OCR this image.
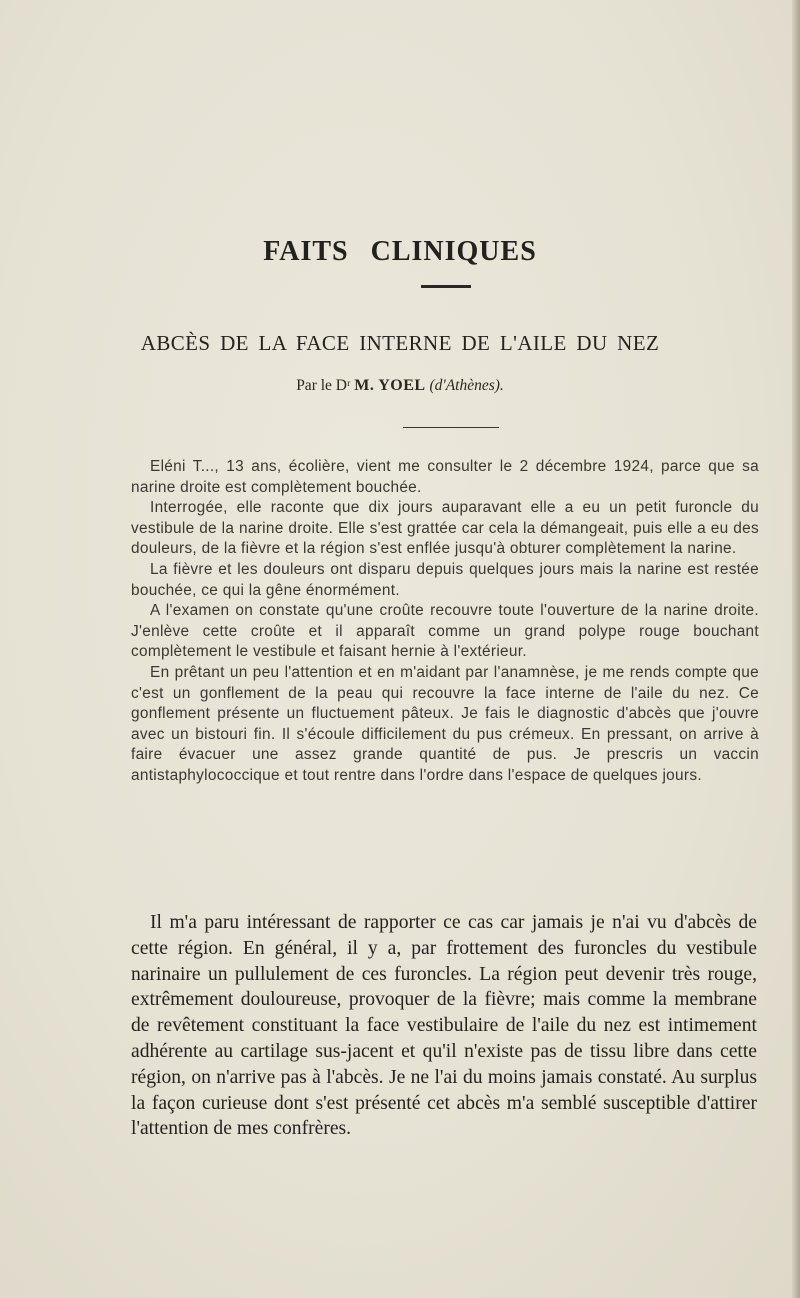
FAITS CLINIQUES
ABCÈS DE LA FACE INTERNE DE L'AILE DU NEZ
Par le Dʳ M. YOEL (d'Athènes).

Eléni T..., 13 ans, écolière, vient me consulter le 2 décembre 1924, parce que sa narine droite est complètement bouchée.

Interrogée, elle raconte que dix jours auparavant elle a eu un petit furoncle du vestibule de la narine droite. Elle s'est grattée car cela la démangeait, puis elle a eu des douleurs, de la fièvre et la région s'est enflée jusqu'à obturer complètement la narine.

La fièvre et les douleurs ont disparu depuis quelques jours mais la narine est restée bouchée, ce qui la gêne énormément.

A l'examen on constate qu'une croûte recouvre toute l'ouverture de la narine droite. J'enlève cette croûte et il apparaît comme un grand polype rouge bouchant complètement le vestibule et faisant hernie à l'extérieur.

En prêtant un peu l'attention et en m'aidant par l'anamnèse, je me rends compte que c'est un gonflement de la peau qui recouvre la face interne de l'aile du nez. Ce gonflement présente un fluctuement pâteux. Je fais le diagnostic d'abcès que j'ouvre avec un bistouri fin. Il s'écoule difficilement du pus crémeux. En pressant, on arrive à faire évacuer une assez grande quantité de pus. Je prescris un vaccin antistaphylococcique et tout rentre dans l'ordre dans l'espace de quelques jours.

Il m'a paru intéressant de rapporter ce cas car jamais je n'ai vu d'abcès de cette région. En général, il y a, par frottement des furoncles du vestibule narinaire un pullulement de ces furoncles. La région peut devenir très rouge, extrêmement douloureuse, provoquer de la fièvre; mais comme la membrane de revêtement constituant la face vestibulaire de l'aile du nez est intimement adhérente au cartilage sus-jacent et qu'il n'existe pas de tissu libre dans cette région, on n'arrive pas à l'abcès. Je ne l'ai du moins jamais constaté. Au surplus la façon curieuse dont s'est présenté cet abcès m'a semblé susceptible d'attirer l'attention de mes confrères.
